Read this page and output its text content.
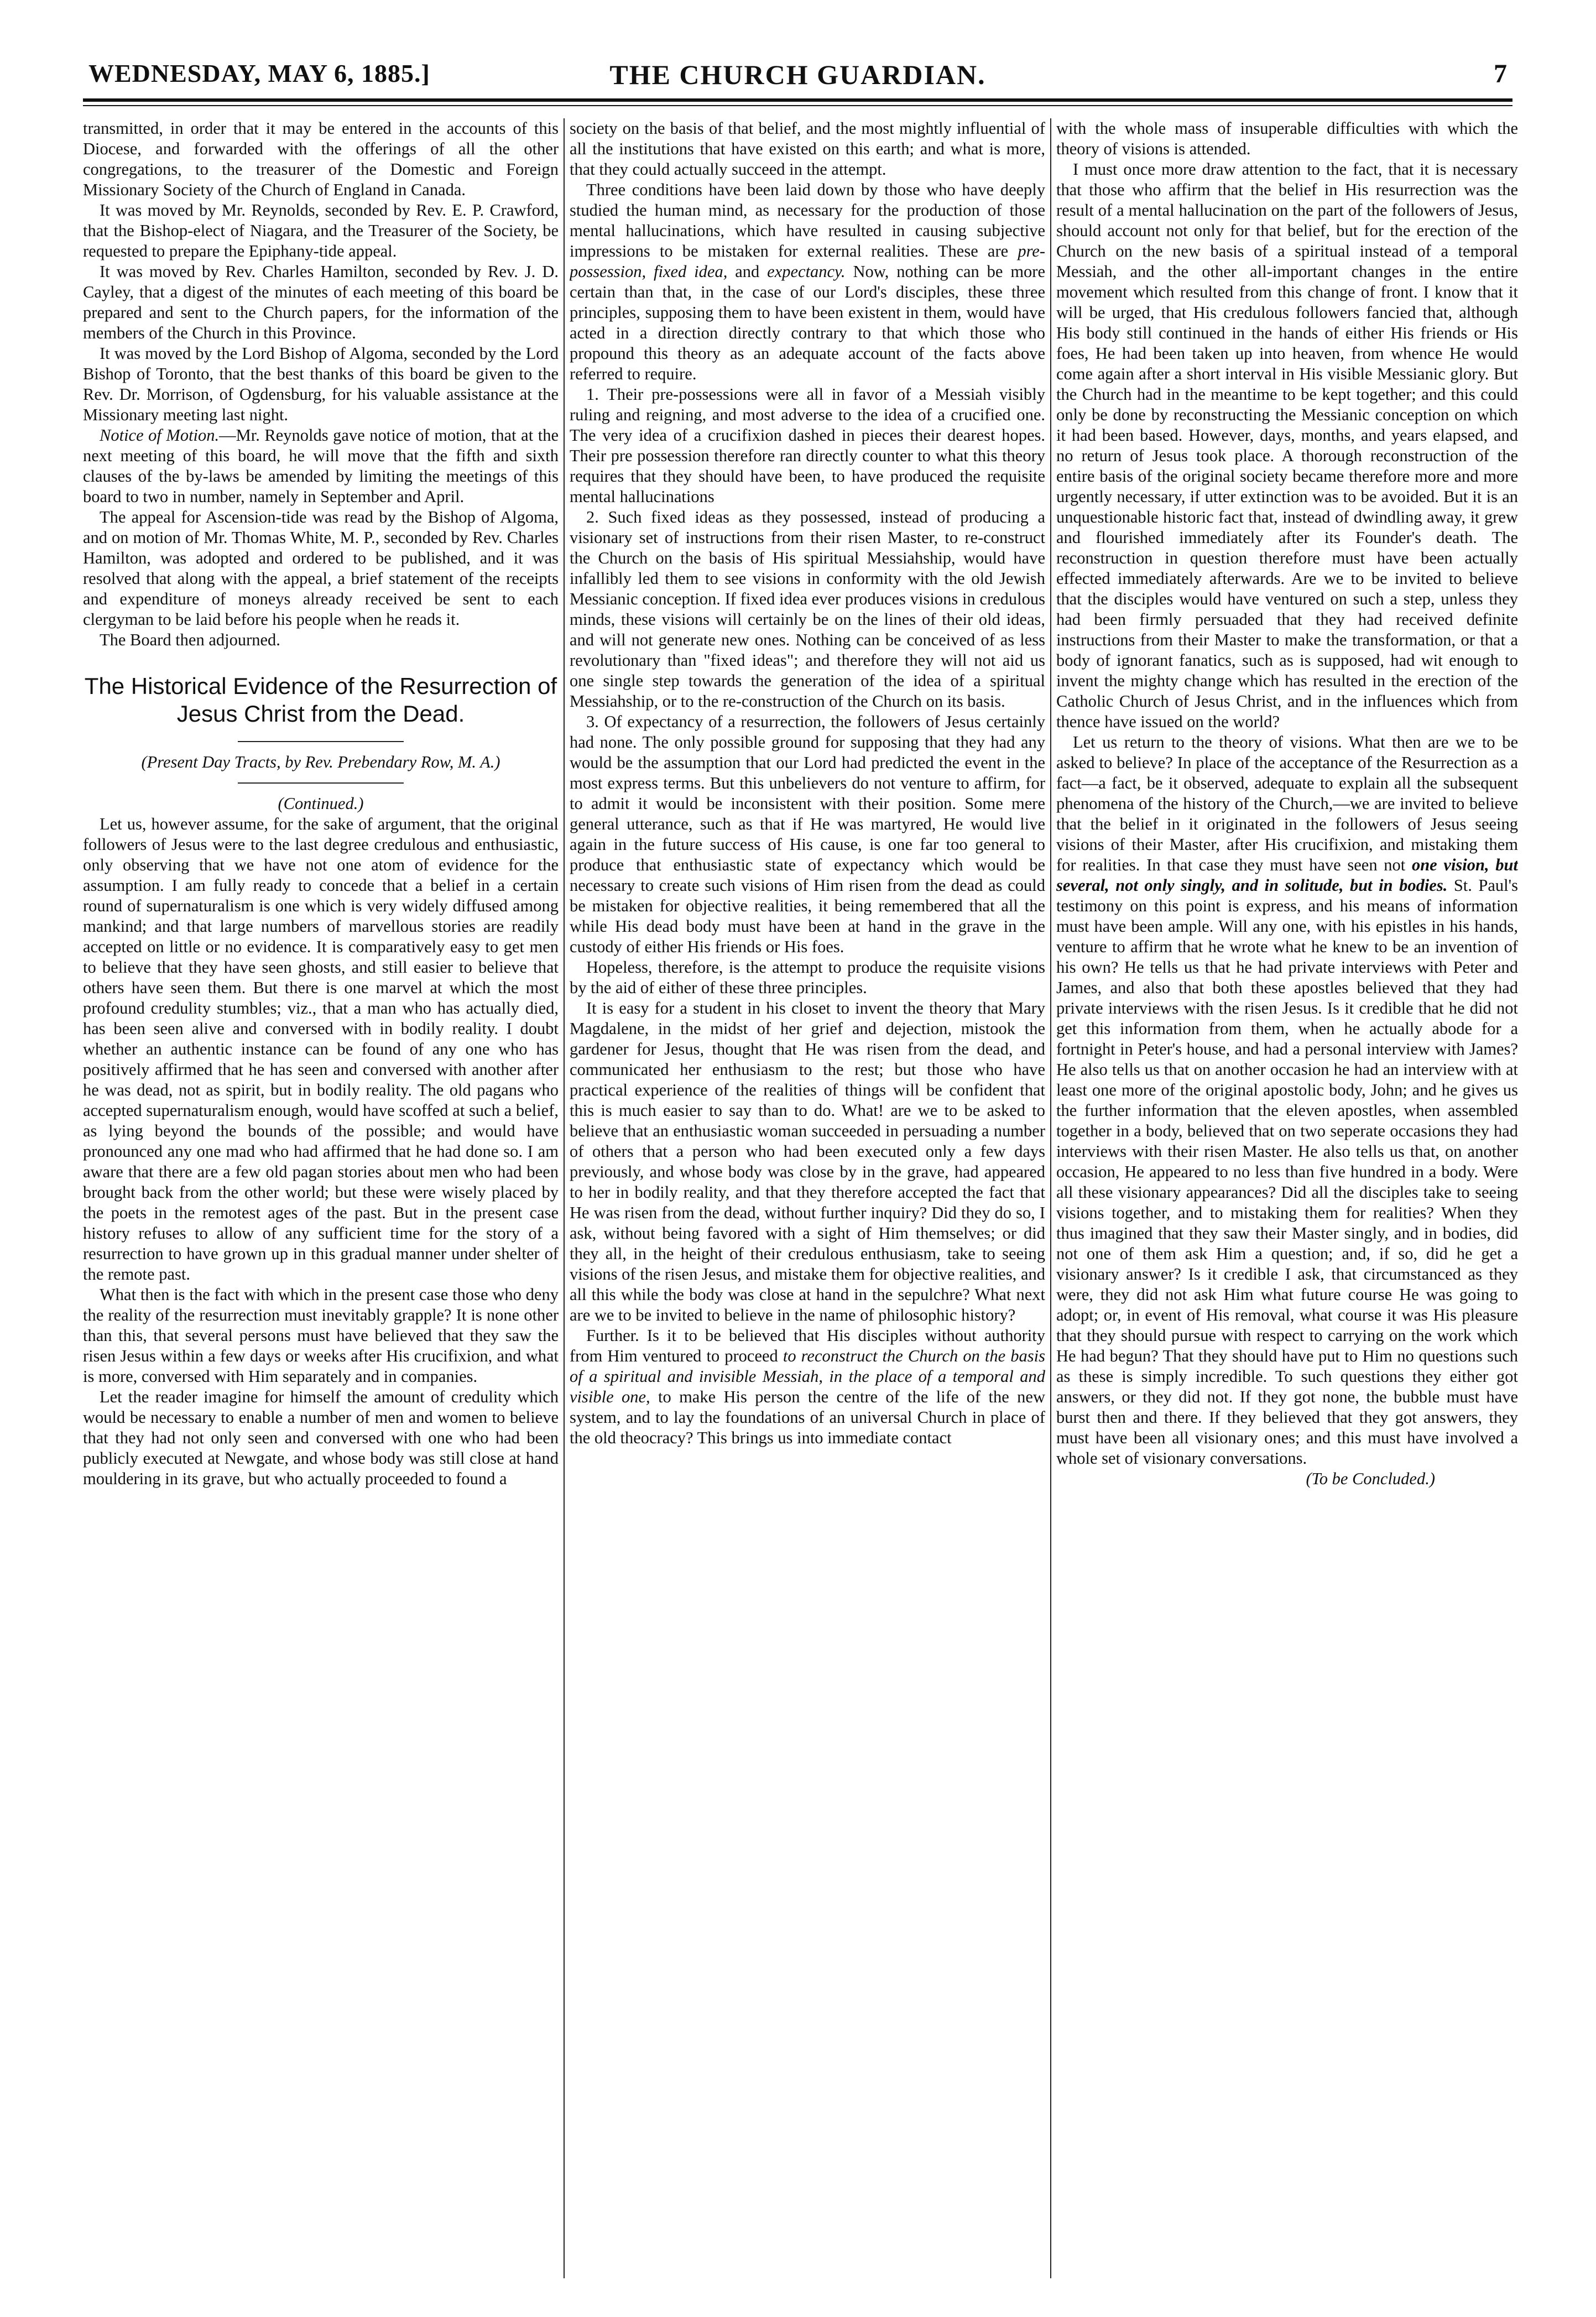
WEDNESDAY, MAY 6, 1885.]	THE CHURCH GUARDIAN.	7

transmitted, in order that it may be entered in the accounts of this Diocese, and forwarded with the offerings of all the other congregations, to the treasurer of the Domestic and Foreign Missionary Society of the Church of England in Canada.

It was moved by Mr. Reynolds, seconded by Rev. E. P. Crawford, that the Bishop-elect of Niagara, and the Treasurer of the Society, be requested to prepare the Epiphany-tide appeal.

It was moved by Rev. Charles Hamilton, seconded by Rev. J. D. Cayley, that a digest of the minutes of each meeting of this board be prepared and sent to the Church papers, for the information of the members of the Church in this Province.

It was moved by the Lord Bishop of Algoma, seconded by the Lord Bishop of Toronto, that the best thanks of this board be given to the Rev. Dr. Morrison, of Ogdensburg, for his valuable assistance at the Missionary meeting last night.

Notice of Motion.—Mr. Reynolds gave notice of motion, that at the next meeting of this board, he will move that the fifth and sixth clauses of the by-laws be amended by limiting the meetings of this board to two in number, namely in September and April.

The appeal for Ascension-tide was read by the Bishop of Algoma, and on motion of Mr. Thomas White, M. P., seconded by Rev. Charles Hamilton, was adopted and ordered to be published, and it was resolved that along with the appeal, a brief statement of the receipts and expenditure of moneys already received be sent to each clergyman to be laid before his people when he reads it.

The Board then adjourned.

The Historical Evidence of the Resurrection of Jesus Christ from the Dead.

(Present Day Tracts, by Rev. Prebendary Row, M. A.)

(Continued.)

Let us, however assume, for the sake of argument, that the original followers of Jesus were to the last degree credulous and enthusiastic, only observing that we have not one atom of evidence for the assumption. I am fully ready to concede that a belief in a certain round of supernaturalism is one which is very widely diffused among mankind; and that large numbers of marvellous stories are readily accepted on little or no evidence. It is comparatively easy to get men to believe that they have seen ghosts, and still easier to believe that others have seen them. But there is one marvel at which the most profound credulity stumbles; viz., that a man who has actually died, has been seen alive and conversed with in bodily reality. I doubt whether an authentic instance can be found of any one who has positively affirmed that he has seen and conversed with another after he was dead, not as spirit, but in bodily reality. The old pagans who accepted supernaturalism enough, would have scoffed at such a belief, as lying beyond the bounds of the possible; and would have pronounced any one mad who had affirmed that he had done so. I am aware that there are a few old pagan stories about men who had been brought back from the other world; but these were wisely placed by the poets in the remotest ages of the past. But in the present case history refuses to allow of any sufficient time for the story of a resurrection to have grown up in this gradual manner under shelter of the remote past.

What then is the fact with which in the present case those who deny the reality of the resurrection must inevitably grapple? It is none other than this, that several persons must have believed that they saw the risen Jesus within a few days or weeks after His crucifixion, and what is more, conversed with Him separately and in companies.

Let the reader imagine for himself the amount of credulity which would be necessary to enable a number of men and women to believe that they had not only seen and conversed with one who had been publicly executed at Newgate, and whose body was still close at hand mouldering in its grave, but who actually proceeded to found a

society on the basis of that belief, and the most mightly influential of all the institutions that have existed on this earth; and what is more, that they could actually succeed in the attempt.

Three conditions have been laid down by those who have deeply studied the human mind, as necessary for the production of those mental hallucinations, which have resulted in causing subjective impressions to be mistaken for external realities. These are pre-possession, fixed idea, and expectancy. Now, nothing can be more certain than that, in the case of our Lord's disciples, these three principles, supposing them to have been existent in them, would have acted in a direction directly contrary to that which those who propound this theory as an adequate account of the facts above referred to require.

1. Their pre-possessions were all in favor of a Messiah visibly ruling and reigning, and most adverse to the idea of a crucified one. The very idea of a crucifixion dashed in pieces their dearest hopes. Their pre possession therefore ran directly counter to what this theory requires that they should have been, to have produced the requisite mental hallucinations

2. Such fixed ideas as they possessed, instead of producing a visionary set of instructions from their risen Master, to re-construct the Church on the basis of His spiritual Messiahship, would have infallibly led them to see visions in conformity with the old Jewish Messianic conception. If fixed idea ever produces visions in credulous minds, these visions will certainly be on the lines of their old ideas, and will not generate new ones. Nothing can be conceived of as less revolutionary than "fixed ideas"; and therefore they will not aid us one single step towards the generation of the idea of a spiritual Messiahship, or to the re-construction of the Church on its basis.

3. Of expectancy of a resurrection, the followers of Jesus certainly had none. The only possible ground for supposing that they had any would be the assumption that our Lord had predicted the event in the most express terms. But this unbelievers do not venture to affirm, for to admit it would be inconsistent with their position. Some mere general utterance, such as that if He was martyred, He would live again in the future success of His cause, is one far too general to produce that enthusiastic state of expectancy which would be necessary to create such visions of Him risen from the dead as could be mistaken for objective realities, it being remembered that all the while His dead body must have been at hand in the grave in the custody of either His friends or His foes.

Hopeless, therefore, is the attempt to produce the requisite visions by the aid of either of these three principles.

It is easy for a student in his closet to invent the theory that Mary Magdalene, in the midst of her grief and dejection, mistook the gardener for Jesus, thought that He was risen from the dead, and communicated her enthusiasm to the rest; but those who have practical experience of the realities of things will be confident that this is much easier to say than to do. What! are we to be asked to believe that an enthusiastic woman succeeded in persuading a number of others that a person who had been executed only a few days previously, and whose body was close by in the grave, had appeared to her in bodily reality, and that they therefore accepted the fact that He was risen from the dead, without further inquiry? Did they do so, I ask, without being favored with a sight of Him themselves; or did they all, in the height of their credulous enthusiasm, take to seeing visions of the risen Jesus, and mistake them for objective realities, and all this while the body was close at hand in the sepulchre? What next are we to be invited to believe in the name of philosophic history?

Further. Is it to be believed that His disciples without authority from Him ventured to proceed to reconstruct the Church on the basis of a spiritual and invisible Messiah, in the place of a temporal and visible one, to make His person the centre of the life of the new system, and to lay the foundations of an universal Church in place of the old theocracy? This brings us into immediate contact

with the whole mass of insuperable difficulties with which the theory of visions is attended.

I must once more draw attention to the fact, that it is necessary that those who affirm that the belief in His resurrection was the result of a mental hallucination on the part of the followers of Jesus, should account not only for that belief, but for the erection of the Church on the new basis of a spiritual instead of a temporal Messiah, and the other all-important changes in the entire movement which resulted from this change of front. I know that it will be urged, that His credulous followers fancied that, although His body still continued in the hands of either His friends or His foes, He had been taken up into heaven, from whence He would come again after a short interval in His visible Messianic glory. But the Church had in the meantime to be kept together; and this could only be done by reconstructing the Messianic conception on which it had been based. However, days, months, and years elapsed, and no return of Jesus took place. A thorough reconstruction of the entire basis of the original society became therefore more and more urgently necessary, if utter extinction was to be avoided. But it is an unquestionable historic fact that, instead of dwindling away, it grew and flourished immediately after its Founder's death. The reconstruction in question therefore must have been actually effected immediately afterwards. Are we to be invited to believe that the disciples would have ventured on such a step, unless they had been firmly persuaded that they had received definite instructions from their Master to make the transformation, or that a body of ignorant fanatics, such as is supposed, had wit enough to invent the mighty change which has resulted in the erection of the Catholic Church of Jesus Christ, and in the influences which from thence have issued on the world?

Let us return to the theory of visions. What then are we to be asked to believe? In place of the acceptance of the Resurrection as a fact—a fact, be it observed, adequate to explain all the subsequent phenomena of the history of the Church,—we are invited to believe that the belief in it originated in the followers of Jesus seeing visions of their Master, after His crucifixion, and mistaking them for realities. In that case they must have seen not one vision, but several, not only singly, and in solitude, but in bodies. St. Paul's testimony on this point is express, and his means of information must have been ample. Will any one, with his epistles in his hands, venture to affirm that he wrote what he knew to be an invention of his own? He tells us that he had private interviews with Peter and James, and also that both these apostles believed that they had private interviews with the risen Jesus. Is it credible that he did not get this information from them, when he actually abode for a fortnight in Peter's house, and had a personal interview with James? He also tells us that on another occasion he had an interview with at least one more of the original apostolic body, John; and he gives us the further information that the eleven apostles, when assembled together in a body, believed that on two seperate occasions they had interviews with their risen Master. He also tells us that, on another occasion, He appeared to no less than five hundred in a body. Were all these visionary appearances? Did all the disciples take to seeing visions together, and to mistaking them for realities? When they thus imagined that they saw their Master singly, and in bodies, did not one of them ask Him a question; and, if so, did he get a visionary answer? Is it credible I ask, that circumstanced as they were, they did not ask Him what future course He was going to adopt; or, in event of His removal, what course it was His pleasure that they should pursue with respect to carrying on the work which He had begun? That they should have put to Him no questions such as these is simply incredible. To such questions they either got answers, or they did not. If they got none, the bubble must have burst then and there. If they believed that they got answers, they must have been all visionary ones; and this must have involved a whole set of visionary conversations.

(To be Concluded.)
